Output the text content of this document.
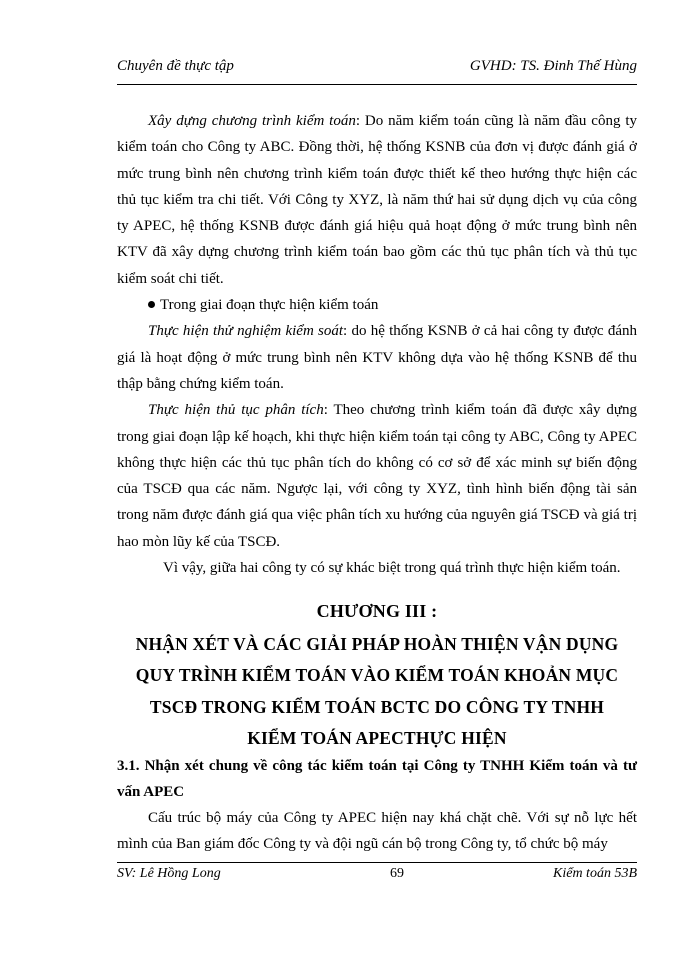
Chuyên đề thực tập	GVHD: TS. Đinh Thế Hùng

Xây dựng chương trình kiểm toán: Do năm kiểm toán cũng là năm đầu công ty kiểm toán cho Công ty ABC. Đồng thời, hệ thống KSNB của đơn vị được đánh giá ở mức trung bình nên chương trình kiểm toán được thiết kế theo hướng thực hiện các thủ tục kiểm tra chi tiết. Với Công ty XYZ, là năm thứ hai sử dụng dịch vụ của công ty APEC, hệ thống KSNB được đánh giá hiệu quả hoạt động ở mức trung bình nên KTV đã xây dựng chương trình kiểm toán bao gồm các thủ tục phân tích và thủ tục kiểm soát chi tiết.

Trong giai đoạn thực hiện kiểm toán

Thực hiện thử nghiệm kiểm soát: do hệ thống KSNB ở cả hai công ty được đánh giá là hoạt động ở mức trung bình nên KTV không dựa vào hệ thống KSNB để thu thập bằng chứng kiểm toán.

Thực hiện thủ tục phân tích: Theo chương trình kiểm toán đã được xây dựng trong giai đoạn lập kế hoạch, khi thực hiện kiểm toán tại công ty ABC, Công ty APEC không thực hiện các thủ tục phân tích do không có cơ sở để xác minh sự biến động của TSCĐ qua các năm. Ngược lại, với công ty XYZ, tình hình biến động tài sản trong năm được đánh giá qua việc phân tích xu hướng của nguyên giá TSCĐ và giá trị hao mòn lũy kế của TSCĐ.

Vì vậy, giữa hai công ty có sự khác biệt trong quá trình thực hiện kiểm toán.

CHƯƠNG III :
NHẬN XÉT VÀ CÁC GIẢI PHÁP HOÀN THIỆN VẬN DỤNG
QUY TRÌNH KIỂM TOÁN VÀO KIỂM TOÁN KHOẢN MỤC
TSCĐ TRONG KIỂM TOÁN BCTC DO CÔNG TY TNHH
KIỂM TOÁN APECTHỰC HIỆN

3.1. Nhận xét chung về công tác kiểm toán tại Công ty TNHH Kiểm toán và tư vấn APEC

Cấu trúc bộ máy của Công ty APEC hiện nay khá chặt chẽ. Với sự nỗ lực hết mình của Ban giám đốc Công ty và đội ngũ cán bộ trong Công ty, tổ chức bộ máy

SV: Lê Hồng Long	69	Kiểm toán 53B
